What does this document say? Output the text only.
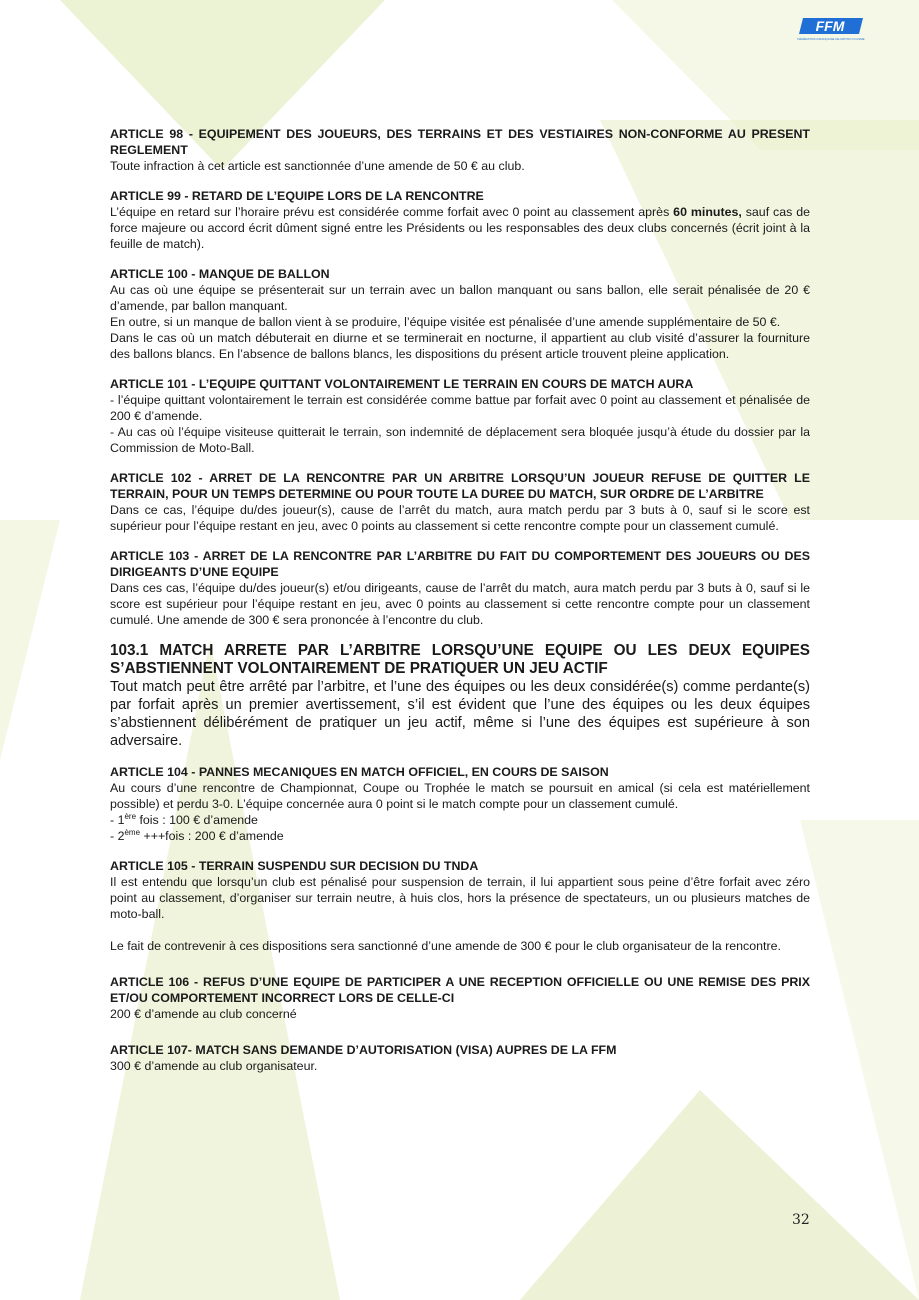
FFM
FÉDÉRATION FRANÇAISE DE MOTOCYCLISME
ARTICLE 98 - EQUIPEMENT DES JOUEURS, DES TERRAINS ET DES VESTIAIRES NON-CONFORME AU PRESENT REGLEMENT

Toute infraction à cet article est sanctionnée d’une amende de 50 € au club.

ARTICLE 99 - RETARD DE L’EQUIPE LORS DE LA RENCONTRE

L’équipe en retard sur l’horaire prévu est considérée comme forfait avec 0 point au classement après 60 minutes, sauf cas de force majeure ou accord écrit dûment signé entre les Présidents ou les responsables des deux clubs concernés (écrit joint à la feuille de match).

ARTICLE 100 - MANQUE DE BALLON

Au cas où une équipe se présenterait sur un terrain avec un ballon manquant ou sans ballon, elle serait pénalisée de 20 € d’amende, par ballon manquant.

En outre, si un manque de ballon vient à se produire, l’équipe visitée est pénalisée d’une amende supplémentaire de 50 €.

Dans le cas où un match débuterait en diurne et se terminerait en nocturne, il appartient au club visité d’assurer la fourniture des ballons blancs. En l’absence de ballons blancs, les dispositions du présent article trouvent pleine application.

ARTICLE 101 - L’EQUIPE QUITTANT VOLONTAIREMENT LE TERRAIN EN COURS DE MATCH AURA

- l’équipe quittant volontairement le terrain est considérée comme battue par forfait avec 0 point au classement et pénalisée de 200 € d’amende.

- Au cas où l’équipe visiteuse quitterait le terrain, son indemnité de déplacement sera bloquée jusqu’à étude du dossier par la Commission de Moto-Ball.

ARTICLE 102 - ARRET DE LA RENCONTRE PAR UN ARBITRE LORSQU’UN JOUEUR REFUSE DE QUITTER LE TERRAIN, POUR UN TEMPS DETERMINE OU POUR TOUTE LA DUREE DU MATCH, SUR ORDRE DE L’ARBITRE

Dans ce cas, l’équipe du/des joueur(s), cause de l’arrêt du match, aura match perdu par 3 buts à 0, sauf si le score est supérieur pour l’équipe restant en jeu, avec 0 points au classement si cette rencontre compte pour un classement cumulé.

ARTICLE 103 - ARRET DE LA RENCONTRE PAR L’ARBITRE DU FAIT DU COMPORTEMENT DES JOUEURS OU DES DIRIGEANTS D’UNE EQUIPE

Dans ces cas, l’équipe du/des joueur(s) et/ou dirigeants, cause de l’arrêt du match, aura match perdu par 3 buts à 0, sauf si le score est supérieur pour l’équipe restant en jeu, avec 0 points au classement si cette rencontre compte pour un classement cumulé. Une amende de 300 € sera prononcée à l’encontre du club.

103.1 MATCH ARRETE PAR L’ARBITRE LORSQU’UNE EQUIPE OU LES DEUX EQUIPES S’ABSTIENNENT VOLONTAIREMENT DE PRATIQUER UN JEU ACTIF

Tout match peut être arrêté par l’arbitre, et l’une des équipes ou les deux considérée(s) comme perdante(s) par forfait après un premier avertissement, s’il est évident que l’une des équipes ou les deux équipes s’abstiennent délibérément de pratiquer un jeu actif, même si l’une des équipes est supérieure à son adversaire.

ARTICLE 104 - PANNES MECANIQUES EN MATCH OFFICIEL, EN COURS DE SAISON

Au cours d’une rencontre de Championnat, Coupe ou Trophée le match se poursuit en amical (si cela est matériellement possible) et perdu 3-0. L’équipe concernée aura 0 point si le match compte pour un classement cumulé.

- 1ère fois : 100 € d’amende

- 2ème +++fois : 200 € d’amende

ARTICLE 105 - TERRAIN SUSPENDU SUR DECISION DU TNDA

Il est entendu que lorsqu’un club est pénalisé pour suspension de terrain, il lui appartient sous peine d’être forfait avec zéro point au classement, d’organiser sur terrain neutre, à huis clos, hors la présence de spectateurs, un ou plusieurs matches de moto-ball.

Le fait de contrevenir à ces dispositions sera sanctionné d’une amende de 300 € pour le club organisateur de la rencontre.

ARTICLE 106 - REFUS D’UNE EQUIPE DE PARTICIPER A UNE RECEPTION OFFICIELLE OU UNE REMISE DES PRIX ET/OU COMPORTEMENT INCORRECT LORS DE CELLE-CI

200 € d’amende au club concerné

ARTICLE 107- MATCH SANS DEMANDE D’AUTORISATION (VISA) AUPRES DE LA FFM

300 € d’amende au club organisateur.

32
